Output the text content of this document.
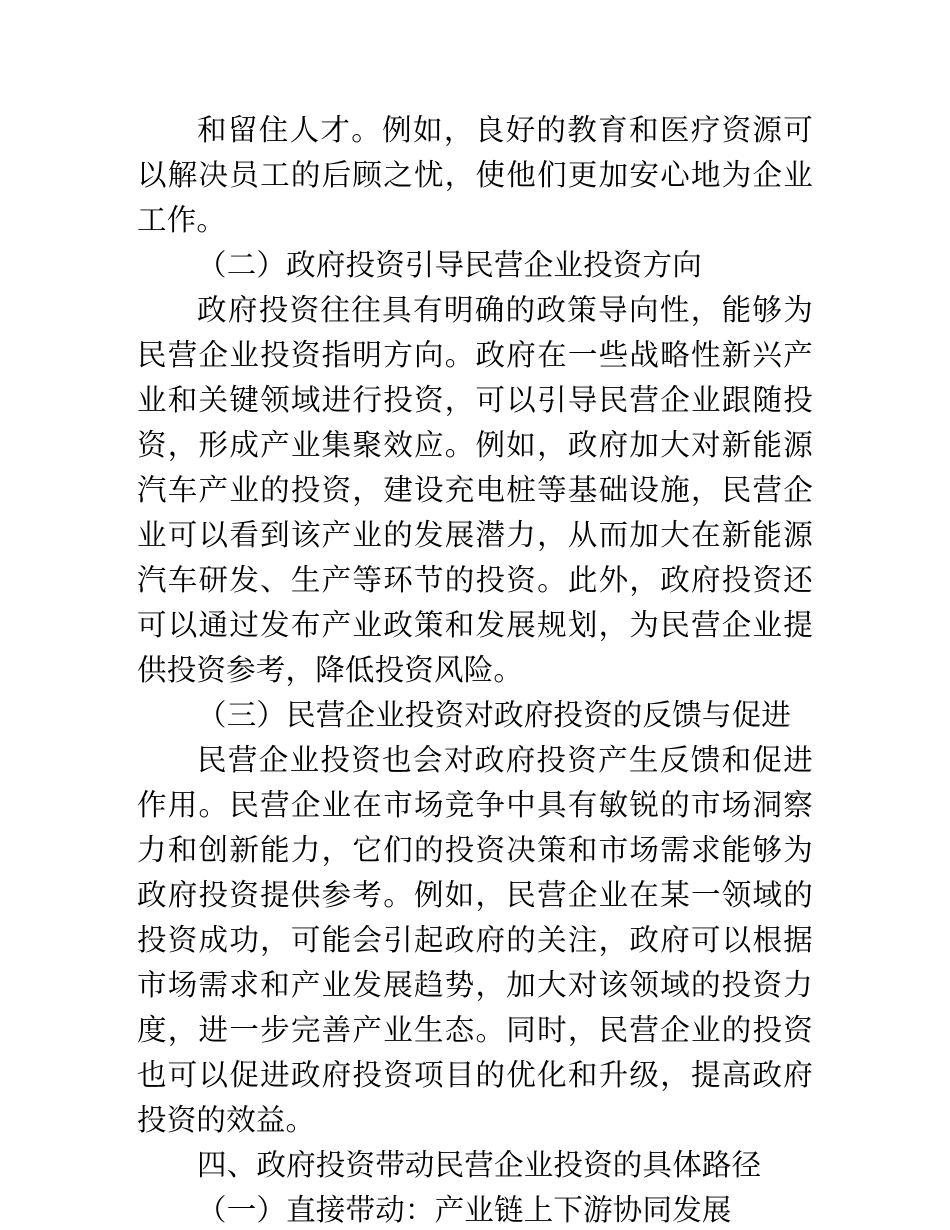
和留住人才。例如，良好的教育和医疗资源可以解决员工的后顾之忧，使他们更加安心地为企业工作。

（二）政府投资引导民营企业投资方向

政府投资往往具有明确的政策导向性，能够为民营企业投资指明方向。政府在一些战略性新兴产业和关键领域进行投资，可以引导民营企业跟随投资，形成产业集聚效应。例如，政府加大对新能源汽车产业的投资，建设充电桩等基础设施，民营企业可以看到该产业的发展潜力，从而加大在新能源汽车研发、生产等环节的投资。此外，政府投资还可以通过发布产业政策和发展规划，为民营企业提供投资参考，降低投资风险。

（三）民营企业投资对政府投资的反馈与促进

民营企业投资也会对政府投资产生反馈和促进作用。民营企业在市场竞争中具有敏锐的市场洞察力和创新能力，它们的投资决策和市场需求能够为政府投资提供参考。例如，民营企业在某一领域的投资成功，可能会引起政府的关注，政府可以根据市场需求和产业发展趋势，加大对该领域的投资力度，进一步完善产业生态。同时，民营企业的投资也可以促进政府投资项目的优化和升级，提高政府投资的效益。

四、政府投资带动民营企业投资的具体路径
（一）直接带动：产业链上下游协同发展
